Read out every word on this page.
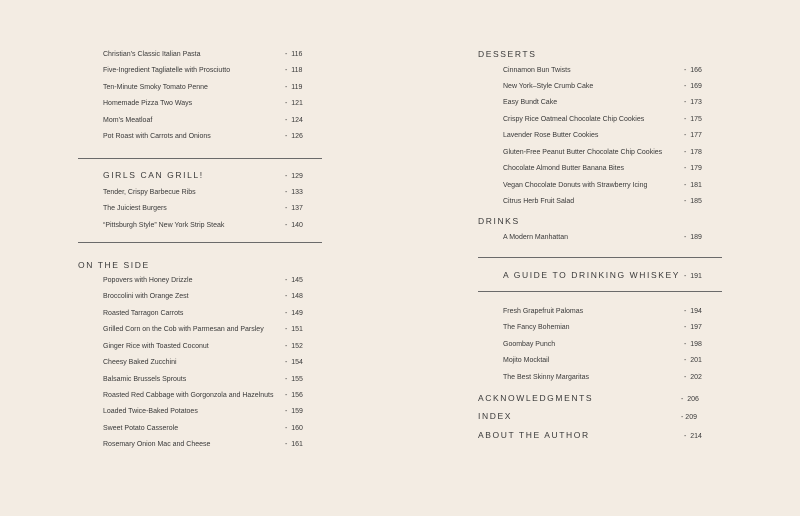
Christian’s Classic Italian Pasta	- 116
Five-Ingredient Tagliatelle with Prosciutto	- 118
Ten-Minute Smoky Tomato Penne	- 119
Homemade Pizza Two Ways	- 121
Mom’s Meatloaf	- 124
Pot Roast with Carrots and Onions	- 126
GIRLS CAN GRILL!	- 129
Tender, Crispy Barbecue Ribs	- 133
The Juiciest Burgers	- 137
“Pittsburgh Style” New York Strip Steak	- 140
ON THE SIDE
Popovers with Honey Drizzle	- 145
Broccolini with Orange Zest	- 148
Roasted Tarragon Carrots	- 149
Grilled Corn on the Cob with Parmesan and Parsley	- 151
Ginger Rice with Toasted Coconut	- 152
Cheesy Baked Zucchini	- 154
Balsamic Brussels Sprouts	- 155
Roasted Red Cabbage with Gorgonzola and Hazelnuts - 156
Loaded Twice-Baked Potatoes	- 159
Sweet Potato Casserole	- 160
Rosemary Onion Mac and Cheese	- 161
DESSERTS
Cinnamon Bun Twists	- 166
New York–Style Crumb Cake	- 169
Easy Bundt Cake	- 173
Crispy Rice Oatmeal Chocolate Chip Cookies	- 175
Lavender Rose Butter Cookies	- 177
Gluten-Free Peanut Butter Chocolate Chip Cookies	- 178
Chocolate Almond Butter Banana Bites	- 179
Vegan Chocolate Donuts with Strawberry Icing	- 181
Citrus Herb Fruit Salad	- 185
DRINKS
A Modern Manhattan	- 189
A GUIDE TO DRINKING WHISKEY - 191
Fresh Grapefruit Palomas	- 194
The Fancy Bohemian	- 197
Goombay Punch	- 198
Mojito Mocktail	- 201
The Best Skinny Margaritas	- 202
ACKNOWLEDGMENTS	- 206
INDEX	- 209
ABOUT THE AUTHOR	- 214
